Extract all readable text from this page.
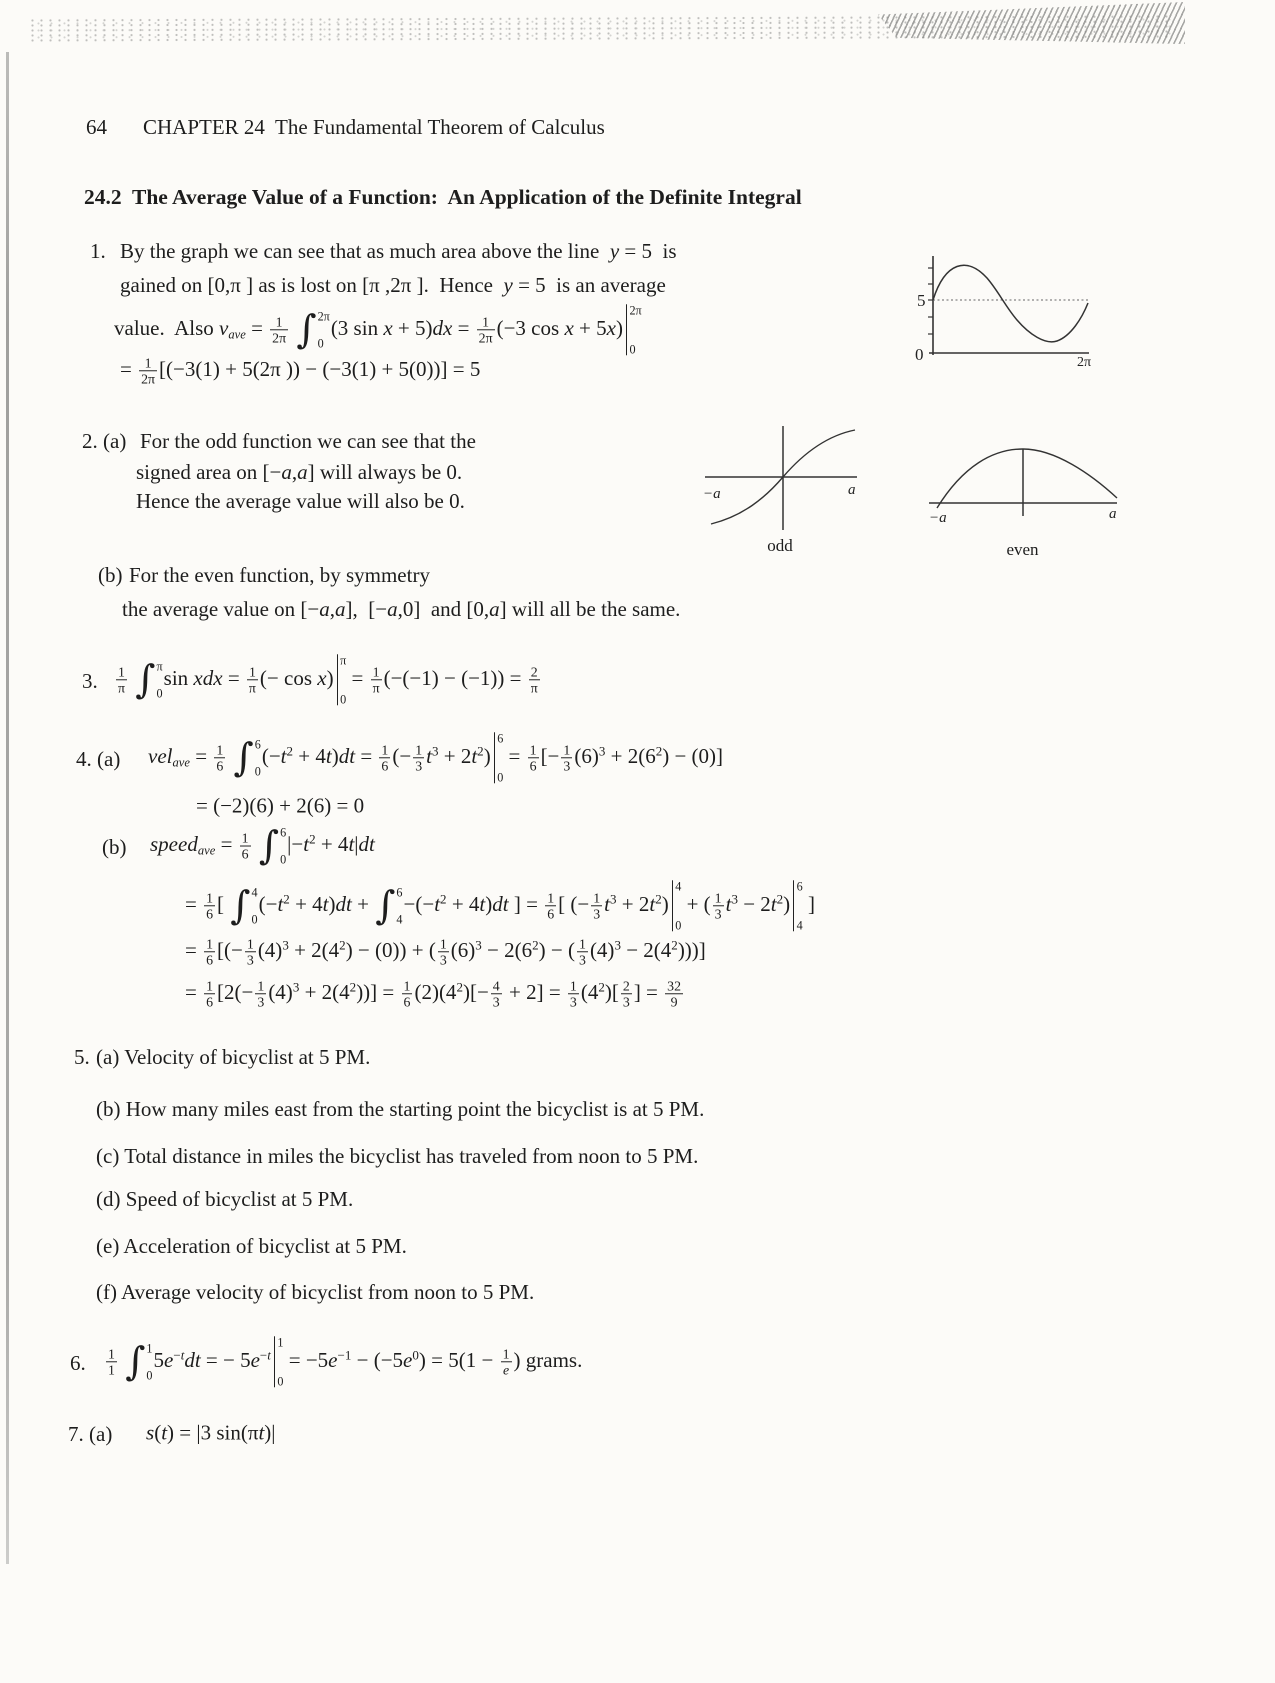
64 CHAPTER 24  The Fundamental Theorem of Calculus
24.2  The Average Value of a Function:  An Application of the Definite Integral
1. By the graph we can see that as much area above the line  y = 5  is
gained on [0,π ] as is lost on [π ,2π ].  Hence  y = 5  is an average
value.  Also $v_{ave} = \frac{1}{2\pi}$
∫ 2π
0
(3 $\sin x + 5)dx = \frac{1}{2\pi} (-3$ cos x + 5x)
2π
0
= $\frac{1}{2\pi} [(-3(1) + 5(2\pi$ )) − (−3(1) + 5(0))] = 5
5
0	2π
2. (a) For the odd function we can see that the
signed area on [−a,a] will always be 0.
Hence the average value will also be 0.	−a	a
odd
−a	a
even
(b) For the even function, by symmetry
the average value on [−a,a],  [−a,0]  and [0,a] will all be the same.
3. $\frac{1}{\pi}$
∫ π
0
sin xdx = $\frac{1}{\pi}$ (− cos x)
π
0
= $\frac{1}{\pi} (-(-1) - (-1)) = \frac{2}{\pi}$
4. (a) $vel_{ave} = \frac{1}{6}$
∫ 6
0
$(-t^2 + 4t)dt = \frac{1}{6}$ (− $\frac{1}{3} t^3 + 2t^2$)
6
0
= $\frac{1}{6}$ [− $\frac{1}{3} (6)^3 + 2(6^2) - (0)$]
= (−2)(6) + 2(6) = 0
(b) speed$_{ave}$ = $\frac{1}{6}$
∫ 6
0
$|-t^2 + 4t|dt$
= $\frac{1}{6}$ [ ∫ 4
0
$(-t^2 + 4t)dt$ + ∫ 6
4
$-(-t^2 + 4t)dt$ ] = $\frac{1}{6}$ [ (− $\frac{1}{3} t^3 + 2t^2$)
4
0
+ ( $\frac{1}{3} t^3 - 2t^2$)
6
4
]
= $\frac{1}{6}$ [(− $\frac{1}{3} (4)^3 + 2(4^2) - (0)$) + ( $\frac{1}{3} (6)^3 - 2(6^2)$ − ( $\frac{1}{3} (4)^3 - 2(4^2)$))]
= $\frac{1}{6} [2(- \frac{1}{3} (4)^3 + 2(4^2))] = \frac{1}{6} (2)(4^2)[- \frac{4}{3} + 2] = \frac{1}{3} (4^2)[ \frac{2}{3}$ ] = $\frac{32}{9}$
5. (a) Velocity of bicyclist at 5 PM.
(b) How many miles east from the starting point the bicyclist is at 5 PM.
(c) Total distance in miles the bicyclist has traveled from noon to 5 PM.
(d) Speed of bicyclist at 5 PM.
(e) Acceleration of bicyclist at 5 PM.
(f) Average velocity of bicyclist from noon to 5 PM.
6. $\frac{1}{1}$
∫ 1
0
$5e^{-t}dt$ = − $5e^{-t}$
1
0
= $-5e^{-1} - (-5e^0) = 5(1 - \frac{1}{e}$ ) grams.
7. (a) s(t) = |3 sin(πt)|
